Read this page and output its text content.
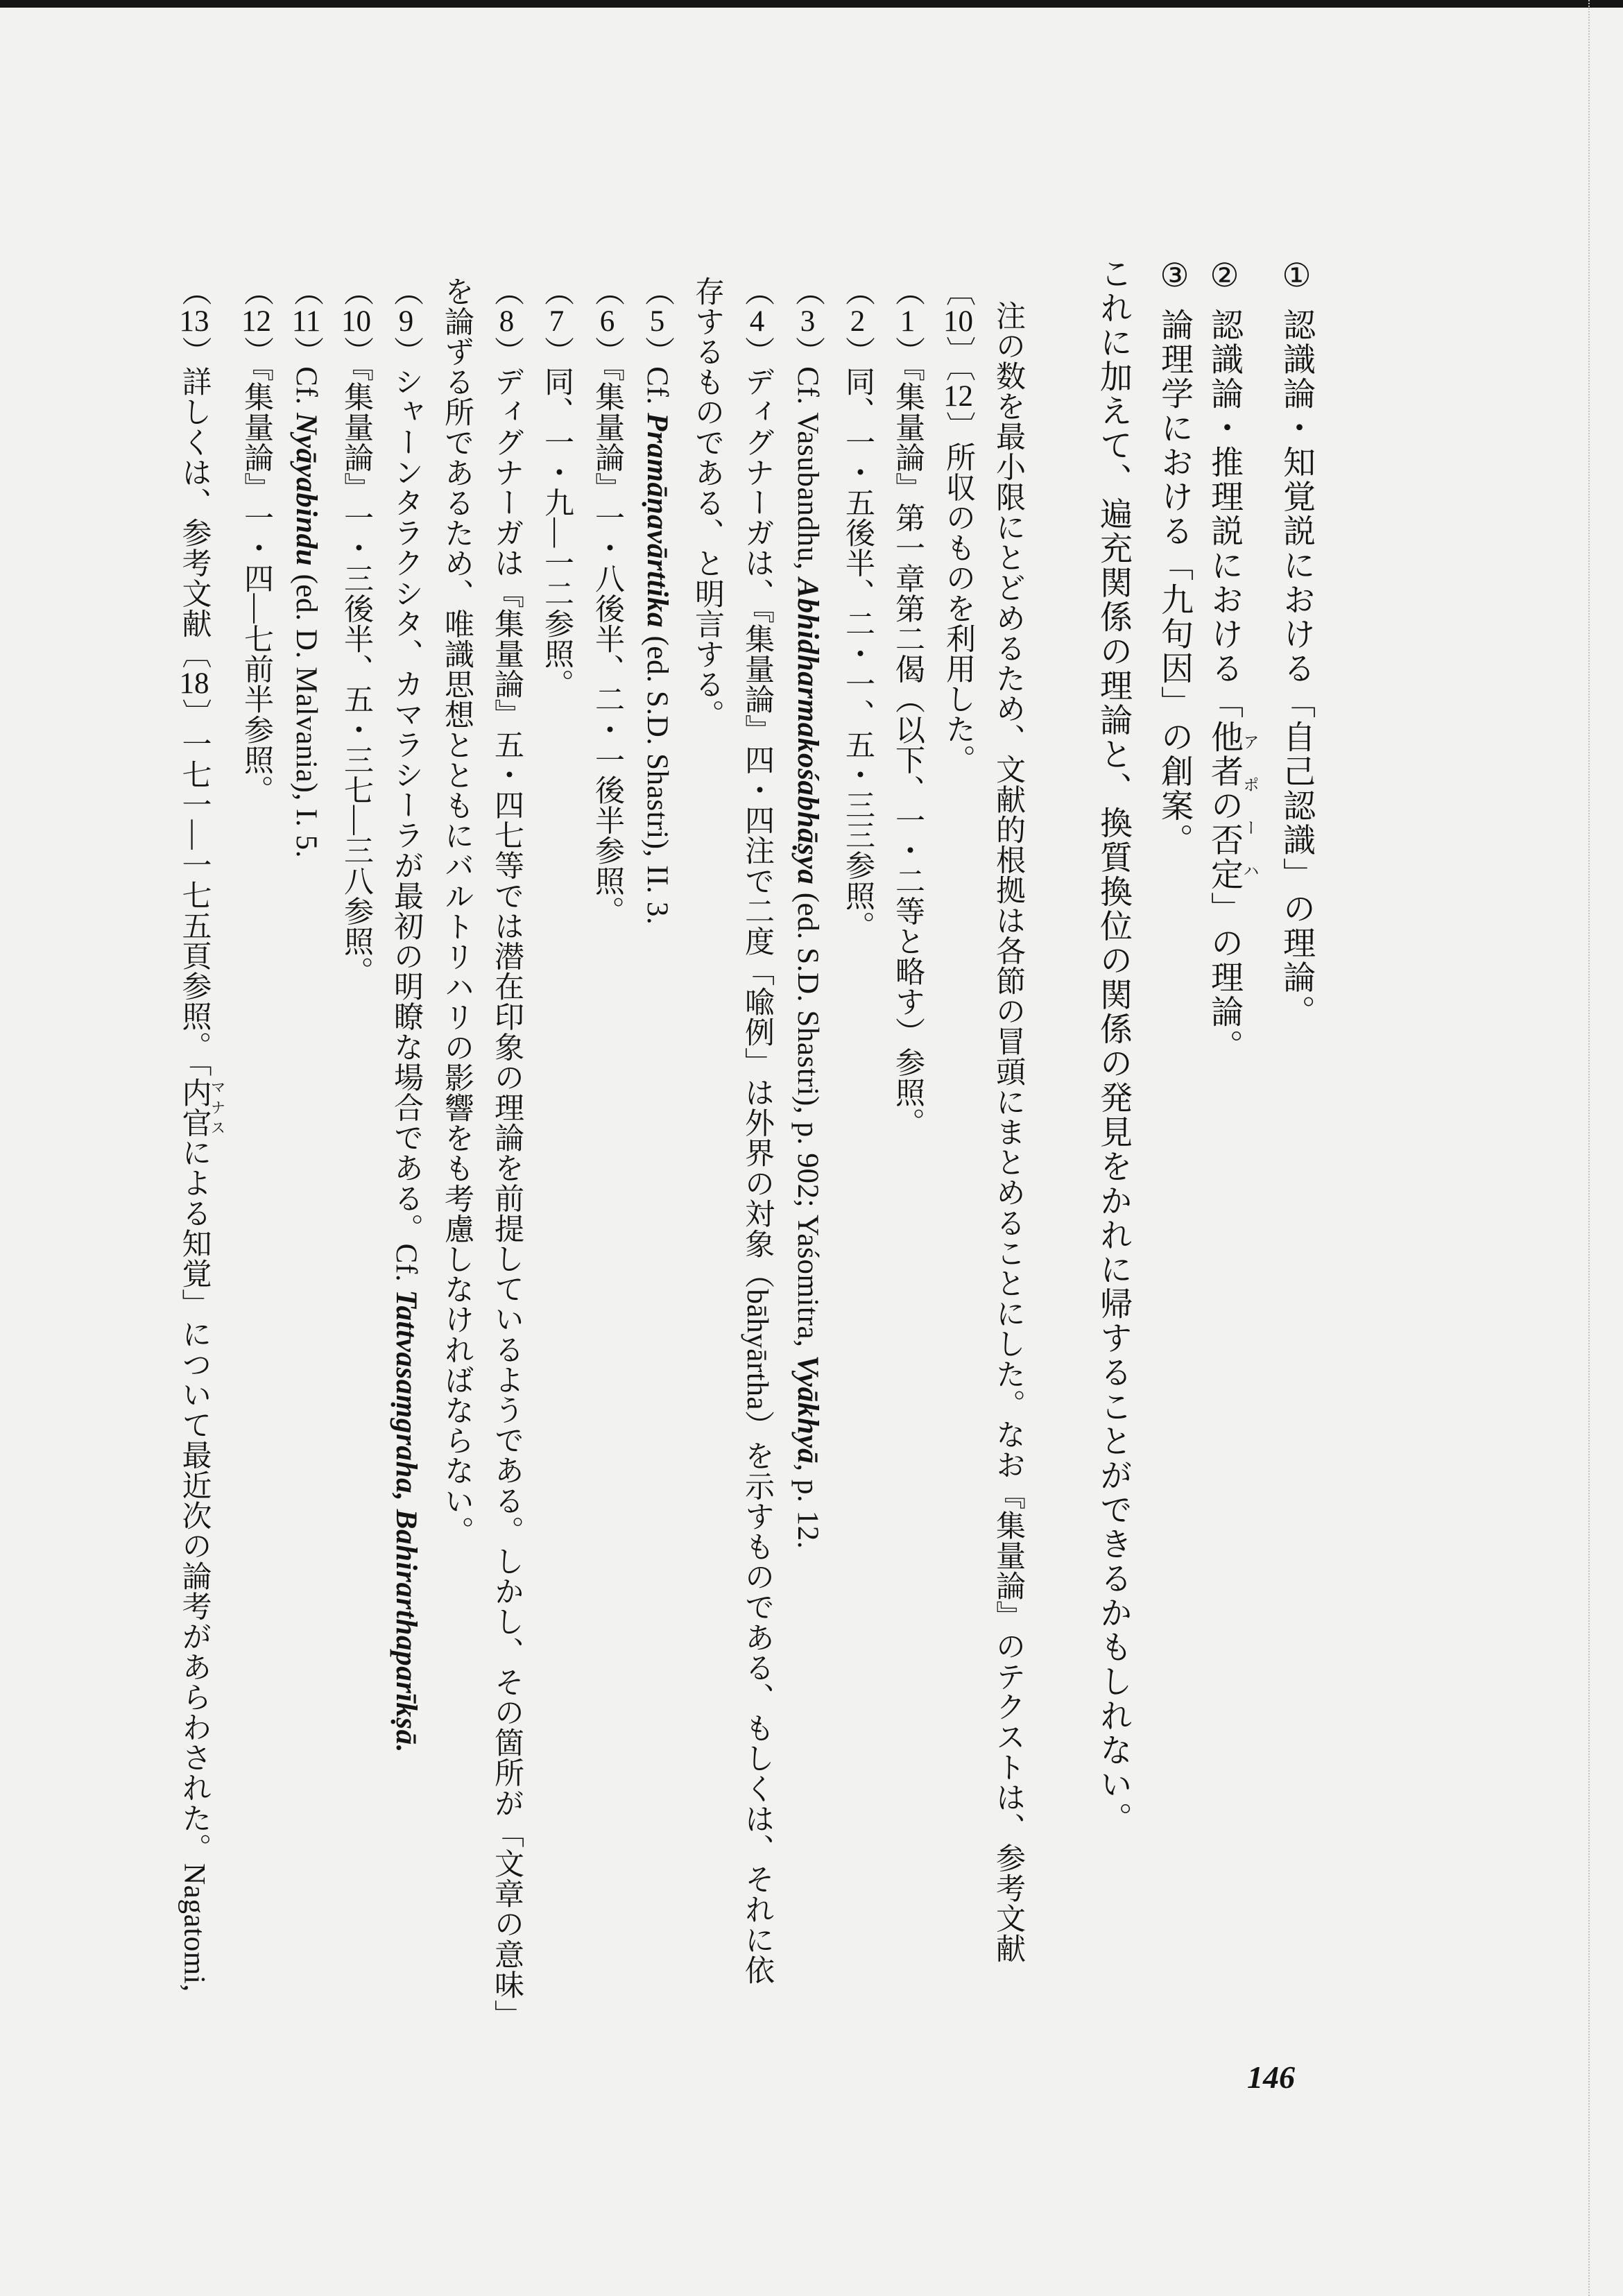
①認識論・知覚説における「自己認識」の理論。
②認識論・推理説における「他者の否定アポーハ」の理論。
③論理学における「九句因」の創案。
これに加えて、遍充関係の理論と、換質換位の関係の発見をかれに帰することができるかもしれない。
注の数を最小限にとどめるため、文献的根拠は各節の冒頭にまとめることにした。なお『集量論』のテクストは、参考文献
〔10〕〔12〕所収のものを利用した。
（1）『集量論』第一章第二偈（以下、一・二等と略す）参照。
（2）同、一・五後半、二・一、五・三三参照。
（3）Cf. Vasubandhu, Abhidharmakośabhāṣya (ed. S.D. Shastri), p. 902; Yaśomitra, Vyākhyā, p. 12.
（4）ディグナーガは、『集量論』四・四注で二度「喩例」は外界の対象（bāhyārtha）を示すものである、もしくは、それに依
存するものである、と明言する。
（5）Cf. Pramāṇavārttika (ed. S.D. Shastri), II. 3.
（6）『集量論』一・八後半、二・一後半参照。
（7）同、一・九―一二参照。
（8）ディグナーガは『集量論』五・四七等では潜在印象の理論を前提しているようである。しかし、その箇所が「文章の意味」
を論ずる所であるため、唯識思想とともにバルトリハリの影響をも考慮しなければならない。
（9）シャーンタラクシタ、カマラシーラが最初の明瞭な場合である。Cf. Tattvasaṃgraha, Bahirarthaparīkṣā.
（10）『集量論』一・三後半、五・三七―三八参照。
（11）Cf. Nyāyabindu (ed. D. Malvania), I. 5.
（12）『集量論』一・四―七前半参照。
（13）詳しくは、参考文献〔18〕一七一―一七五頁参照。「内官マナスによる知覚」について最近次の論考があらわされた。Nagatomi,
146
